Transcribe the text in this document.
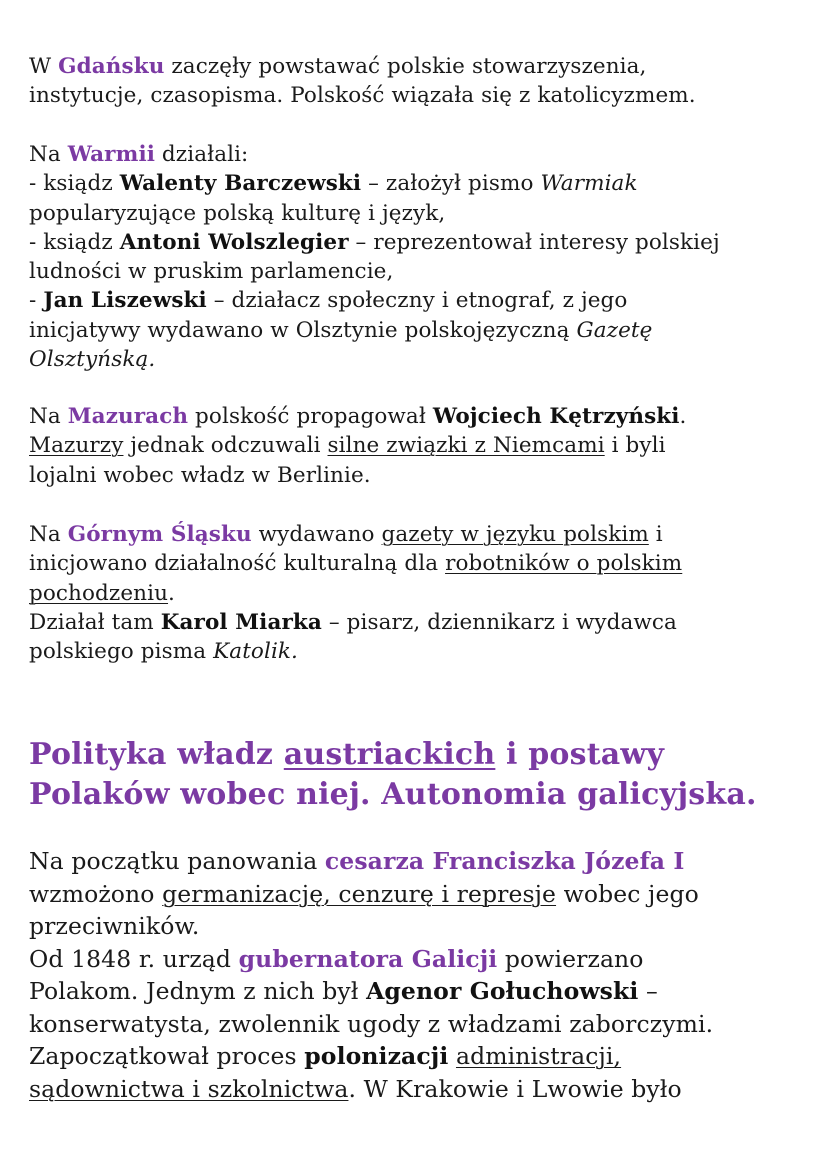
W Gdańsku zaczęły powstawać polskie stowarzyszenia,
instytucje, czasopisma. Polskość wiązała się z katolicyzmem.

Na Warmii działali:
- ksiądz Walenty Barczewski – założył pismo Warmiak
popularyzujące polską kulturę i język,
- ksiądz Antoni Wolszlegier – reprezentował interesy polskiej
ludności w pruskim parlamencie,
- Jan Liszewski – działacz społeczny i etnograf, z jego
inicjatywy wydawano w Olsztynie polskojęzyczną Gazetę
Olsztyńską.

Na Mazurach polskość propagował Wojciech Kętrzyński.
Mazurzy jednak odczuwali silne związki z Niemcami i byli
lojalni wobec władz w Berlinie.

Na Górnym Śląsku wydawano gazety w języku polskim i
inicjowano działalność kulturalną dla robotników o polskim
pochodzeniu.
Działał tam Karol Miarka – pisarz, dziennikarz i wydawca
polskiego pisma Katolik.

Polityka władz austriackich i postawy
Polaków wobec niej. Autonomia galicyjska.

Na początku panowania cesarza Franciszka Józefa I
wzmożono germanizację, cenzurę i represje wobec jego
przeciwników.
Od 1848 r. urząd gubernatora Galicji powierzano
Polakom. Jednym z nich był Agenor Gołuchowski –
konserwatysta, zwolennik ugody z władzami zaborczymi.
Zapoczątkował proces polonizacji administracji,
sądownictwa i szkolnictwa. W Krakowie i Lwowie było
